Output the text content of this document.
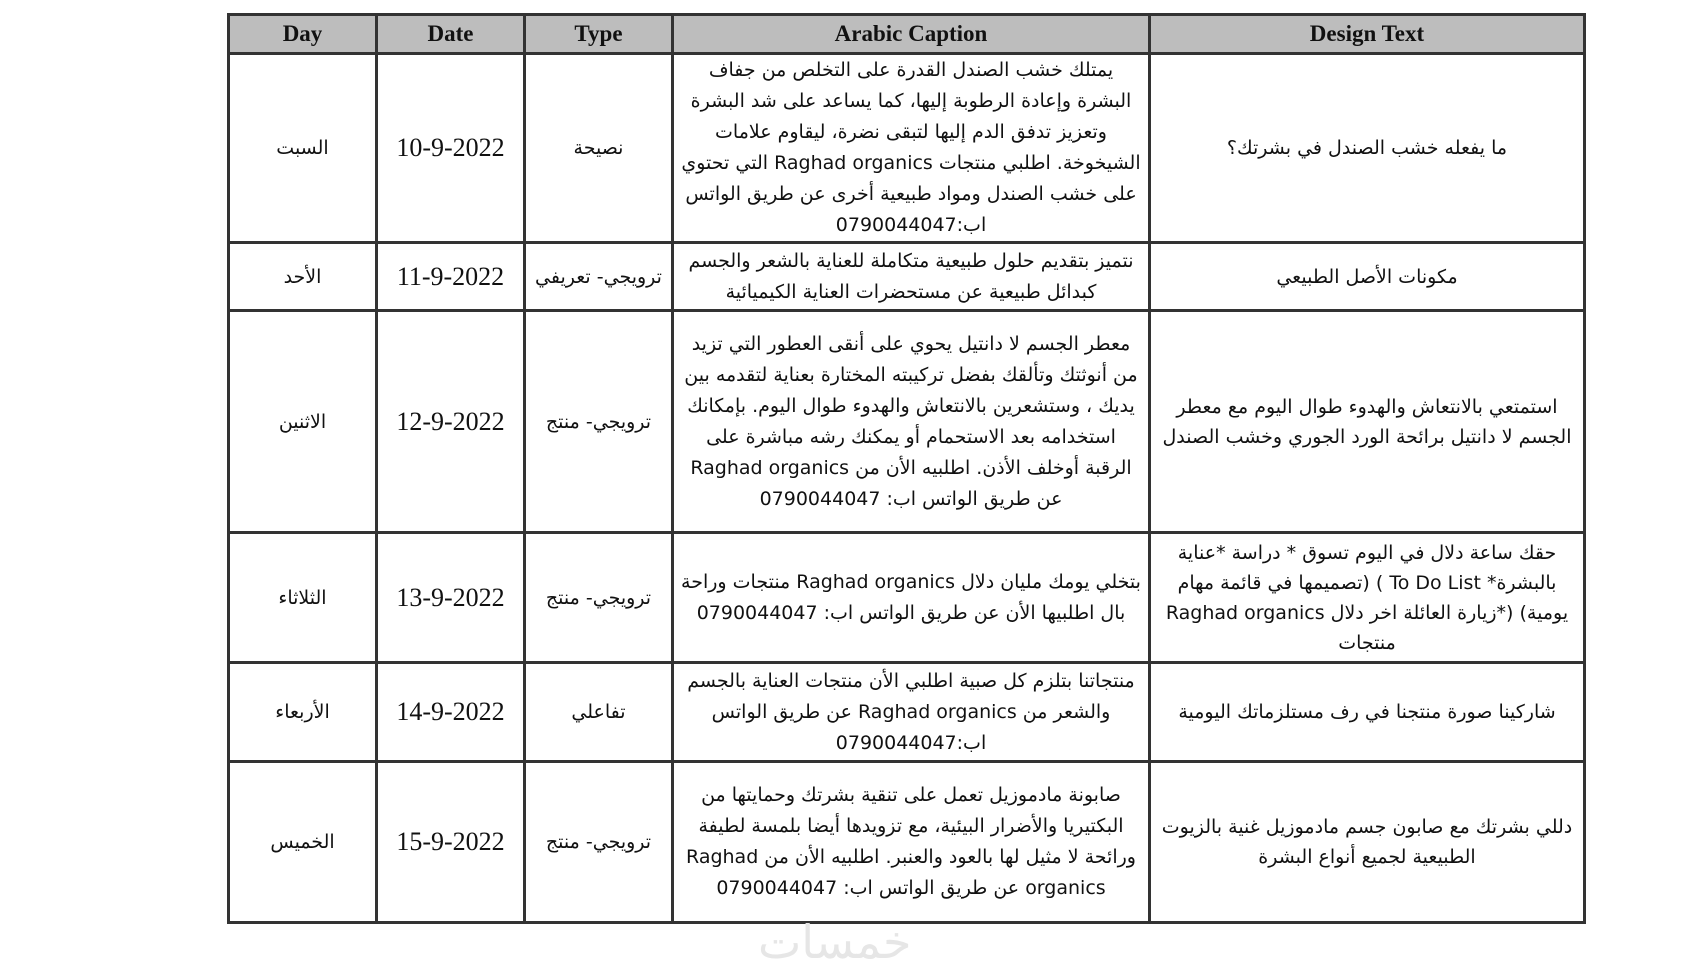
Day	Date	Type	Arabic Caption	Design Text
السبت	10-9-2022	نصيحة	يمتلك خشب الصندل القدرة على التخلص من جفاف البشرة وإعادة الرطوبة إليها، كما يساعد على شد البشرة وتعزيز تدفق الدم إليها لتبقى نضرة، ليقاوم علامات الشيخوخة. اطلبي منتجات Raghad organics التي تحتوي على خشب الصندل ومواد طبيعية أخرى عن طريق الواتس اب:0790044047	ما يفعله خشب الصندل في بشرتك؟
الأحد	11-9-2022	ترويجي- تعريفي	نتميز بتقديم حلول طبيعية متكاملة للعناية بالشعر والجسم كبدائل طبيعية عن مستحضرات العناية الكيميائية	مكونات الأصل الطبيعي
الاثنين	12-9-2022	ترويجي- منتج	معطر الجسم لا دانتيل يحوي على أنقى العطور التي تزيد من أنوثتك وتألقك بفضل تركيبته المختارة بعناية لتقدمه بين يديك ، وستشعرين بالانتعاش والهدوء طوال اليوم. بإمكانك استخدامه بعد الاستحمام أو يمكنك رشه مباشرة على الرقبة أوخلف الأذن. اطلبيه الأن من Raghad organics عن طريق الواتس اب: 0790044047	استمتعي بالانتعاش والهدوء طوال اليوم مع معطر الجسم لا دانتيل برائحة الورد الجوري وخشب الصندل
الثلاثاء	13-9-2022	ترويجي- منتج	بتخلي يومك مليان دلال Raghad organics منتجات وراحة بال اطلبيها الأن عن طريق الواتس اب: 0790044047	حقك ساعة دلال في اليوم تسوق * دراسة *عناية بالبشرة* To Do List ) (تصميمها في قائمة مهام يومية) (*زيارة العائلة اخر دلال Raghad organics منتجات
الأربعاء	14-9-2022	تفاعلي	منتجاتنا بتلزم كل صبية اطلبي الأن منتجات العناية بالجسم والشعر من Raghad organics عن طريق الواتس اب:0790044047	شاركينا صورة منتجنا في رف مستلزماتك اليومية
الخميس	15-9-2022	ترويجي- منتج	صابونة مادموزيل تعمل على تنقية بشرتك وحمايتها من البكتيريا والأضرار البيئية، مع تزويدها أيضا بلمسة لطيفة ورائحة لا مثيل لها بالعود والعنبر. اطلبيه الأن من Raghad organics عن طريق الواتس اب: 0790044047	دللي بشرتك مع صابون جسم مادموزيل غنية بالزيوت الطبيعية لجميع أنواع البشرة
خمسات
